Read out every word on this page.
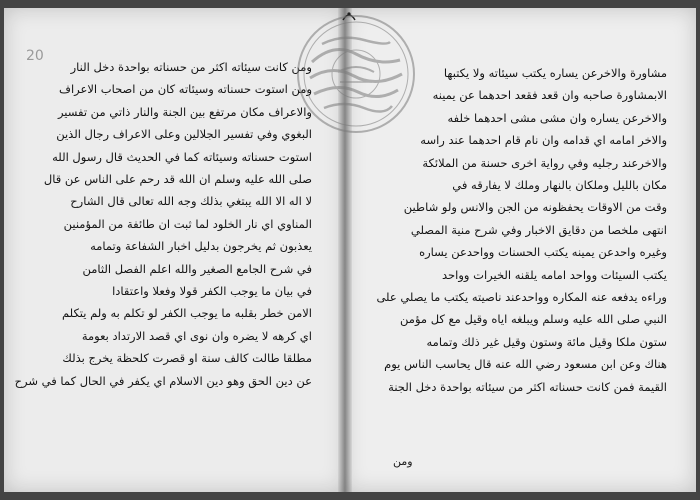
20
ومن كانت سيئاته اكثر من حسناته بواحدة دخل النار
ومن استوت حسناته وسيئاته كان من اصحاب الاعراف
والاعراف مكان مرتفع بين الجنة والنار ذاتي من تفسير
البغوي وفي تفسير الجلالين وعلى الاعراف رجال الذين
استوت حسناته وسيئاته كما في الحديث قال رسول الله
صلى الله عليه وسلم ان الله قد رحم على الناس عن قال
لا اله الا الله يبتغي بذلك وجه الله تعالى قال الشارح
المناوي اي نار الخلود لما ثبت ان طائفة من المؤمنين
يعذبون ثم يخرجون بدليل اخبار الشفاعة وتمامه
في شرح الجامع الصغير والله اعلم الفصل الثامن
في بيان ما يوجب الكفر قولا وفعلا واعتقادا
الامن خطر بقلبه ما يوجب الكفر لو تكلم به ولم يتكلم
اي كرهه لا يضره وان نوى اي قصد الارتداد بعومة
مطلقا طالت كالف سنة او قصرت كلحظة يخرج بذلك
عن دين الحق وهو دين الاسلام اي يكفر في الحال كما في شرح
مشاورة والاخرعن يساره يكتب سيئاته ولا يكتبها
الابمشاورة صاحبه وان قعد فقعد احدهما عن يمينه
والاخرعن يساره وان مشى مشى احدهما خلفه
والاخر امامه اي قدامه وان نام قام احدهما عند راسه
والاخرعند رجليه وفي رواية اخرى حسنة من الملائكة
مكان بالليل وملكان بالنهار وملك لا يفارقه في
وقت من الاوقات يحفظونه من الجن والانس ولو شاطين
انتهى ملخصا من دقايق الاخبار وفي شرح منية المصلي
وغيره واحدعن يمينه يكتب الحسنات وواحدعن يساره
يكتب السيئات وواحد امامه يلقنه الخيرات وواحد
وراءه يدفعه عنه المكاره وواحدعند ناصيته يكتب ما يصلي على
النبي صلى الله عليه وسلم ويبلغه اياه وقيل مع كل مؤمن
ستون ملكا وقيل مائة وستون وقيل غير ذلك وتمامه
هناك وعن ابن مسعود رضي الله عنه قال يحاسب الناس يوم
القيمة فمن كانت حسناته اكثر من سيئاته بواحدة دخل الجنة
ومن
